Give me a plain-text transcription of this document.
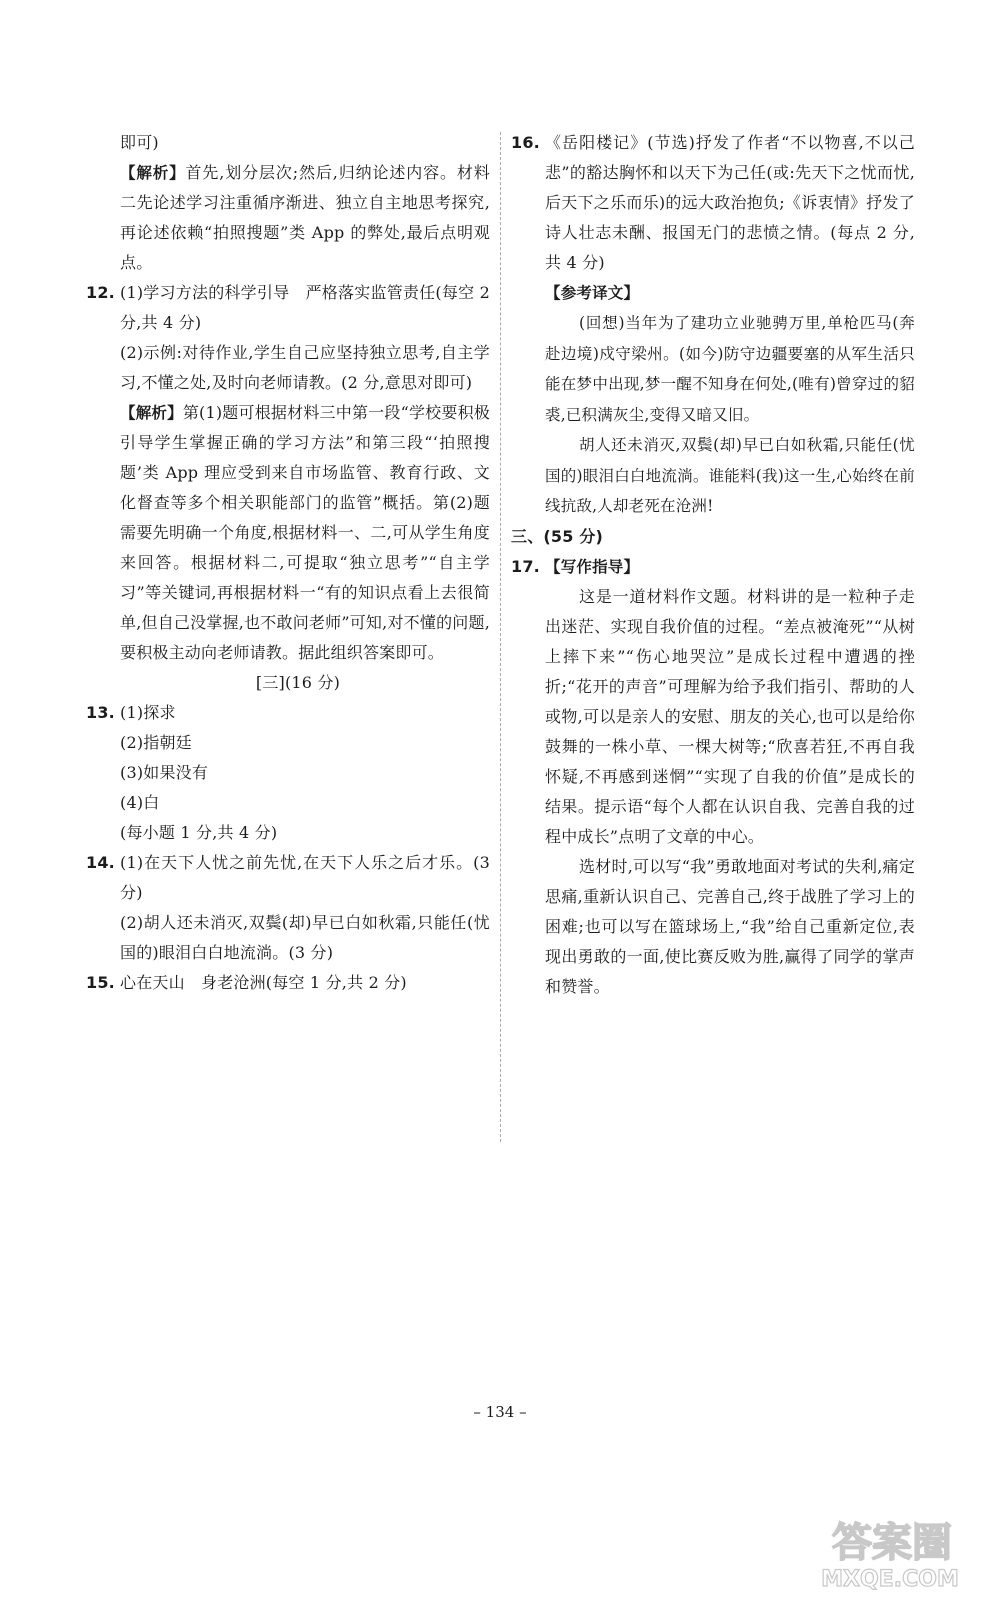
即可)

【解析】首先,划分层次;然后,归纳论述内容。材料二先论述学习注重循序渐进、独立自主地思考探究,再论述依赖“拍照搜题”类 App 的弊处,最后点明观点。

12. (1)学习方法的科学引导　严格落实监管责任(每空 2 分,共 4 分)

(2)示例:对待作业,学生自己应坚持独立思考,自主学习,不懂之处,及时向老师请教。(2 分,意思对即可)

【解析】第(1)题可根据材料三中第一段“学校要积极引导学生掌握正确的学习方法”和第三段“‘拍照搜题’类 App 理应受到来自市场监管、教育行政、文化督查等多个相关职能部门的监管”概括。第(2)题需要先明确一个角度,根据材料一、二,可从学生角度来回答。根据材料二,可提取“独立思考”“自主学习”等关键词,再根据材料一“有的知识点看上去很简单,但自己没掌握,也不敢问老师”可知,对不懂的问题,要积极主动向老师请教。据此组织答案即可。

[三](16 分)

13. (1)探求

(2)指朝廷

(3)如果没有

(4)白

(每小题 1 分,共 4 分)

14. (1)在天下人忧之前先忧,在天下人乐之后才乐。(3 分)

(2)胡人还未消灭,双鬓(却)早已白如秋霜,只能任(忧国的)眼泪白白地流淌。(3 分)

15. 心在天山　身老沧洲(每空 1 分,共 2 分)

16. 《岳阳楼记》(节选)抒发了作者“不以物喜,不以己悲”的豁达胸怀和以天下为己任(或:先天下之忧而忧,后天下之乐而乐)的远大政治抱负;《诉衷情》抒发了诗人壮志未酬、报国无门的悲愤之情。(每点 2 分,共 4 分)

【参考译文】

(回想)当年为了建功立业驰骋万里,单枪匹马(奔赴边境)戍守梁州。(如今)防守边疆要塞的从军生活只能在梦中出现,梦一醒不知身在何处,(唯有)曾穿过的貂裘,已积满灰尘,变得又暗又旧。

胡人还未消灭,双鬓(却)早已白如秋霜,只能任(忧国的)眼泪白白地流淌。谁能料(我)这一生,心始终在前线抗敌,人却老死在沧洲!

三、(55 分)

17. 【写作指导】

这是一道材料作文题。材料讲的是一粒种子走出迷茫、实现自我价值的过程。“差点被淹死”“从树上摔下来”“伤心地哭泣”是成长过程中遭遇的挫折;“花开的声音”可理解为给予我们指引、帮助的人或物,可以是亲人的安慰、朋友的关心,也可以是给你鼓舞的一株小草、一棵大树等;“欣喜若狂,不再自我怀疑,不再感到迷惘”“实现了自我的价值”是成长的结果。提示语“每个人都在认识自我、完善自我的过程中成长”点明了文章的中心。

选材时,可以写“我”勇敢地面对考试的失利,痛定思痛,重新认识自己、完善自己,终于战胜了学习上的困难;也可以写在篮球场上,“我”给自己重新定位,表现出勇敢的一面,使比赛反败为胜,赢得了同学的掌声和赞誉。

– 134 –
答案圈
MXQE.COM
